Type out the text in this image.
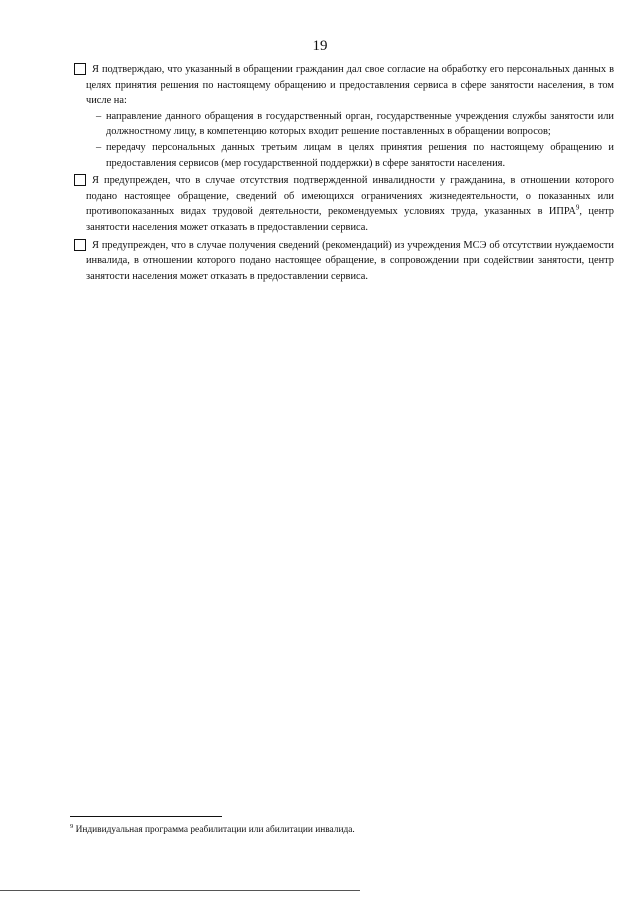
19
Я подтверждаю, что указанный в обращении гражданин дал свое согласие на обработку его персональных данных в целях принятия решения по настоящему обращению и предоставления сервиса в сфере занятости населения, в том числе на:
– направление данного обращения в государственный орган, государственные учреждения службы занятости или должностному лицу, в компетенцию которых входит решение поставленных в обращении вопросов;
– передачу персональных данных третьим лицам в целях принятия решения по настоящему обращению и предоставления сервисов (мер государственной поддержки) в сфере занятости населения.
Я предупрежден, что в случае отсутствия подтвержденной инвалидности у гражданина, в отношении которого подано настоящее обращение, сведений об имеющихся ограничениях жизнедеятельности, о показанных или противопоказанных видах трудовой деятельности, рекомендуемых условиях труда, указанных в ИПРА$^9$, центр занятости населения может отказать в предоставлении сервиса.
Я предупрежден, что в случае получения сведений (рекомендаций) из учреждения МСЭ об отсутствии нуждаемости инвалида, в отношении которого подано настоящее обращение, в сопровождении при содействии занятости, центр занятости населения может отказать в предоставлении сервиса.
$^9$ Индивидуальная программа реабилитации или абилитации инвалида.
